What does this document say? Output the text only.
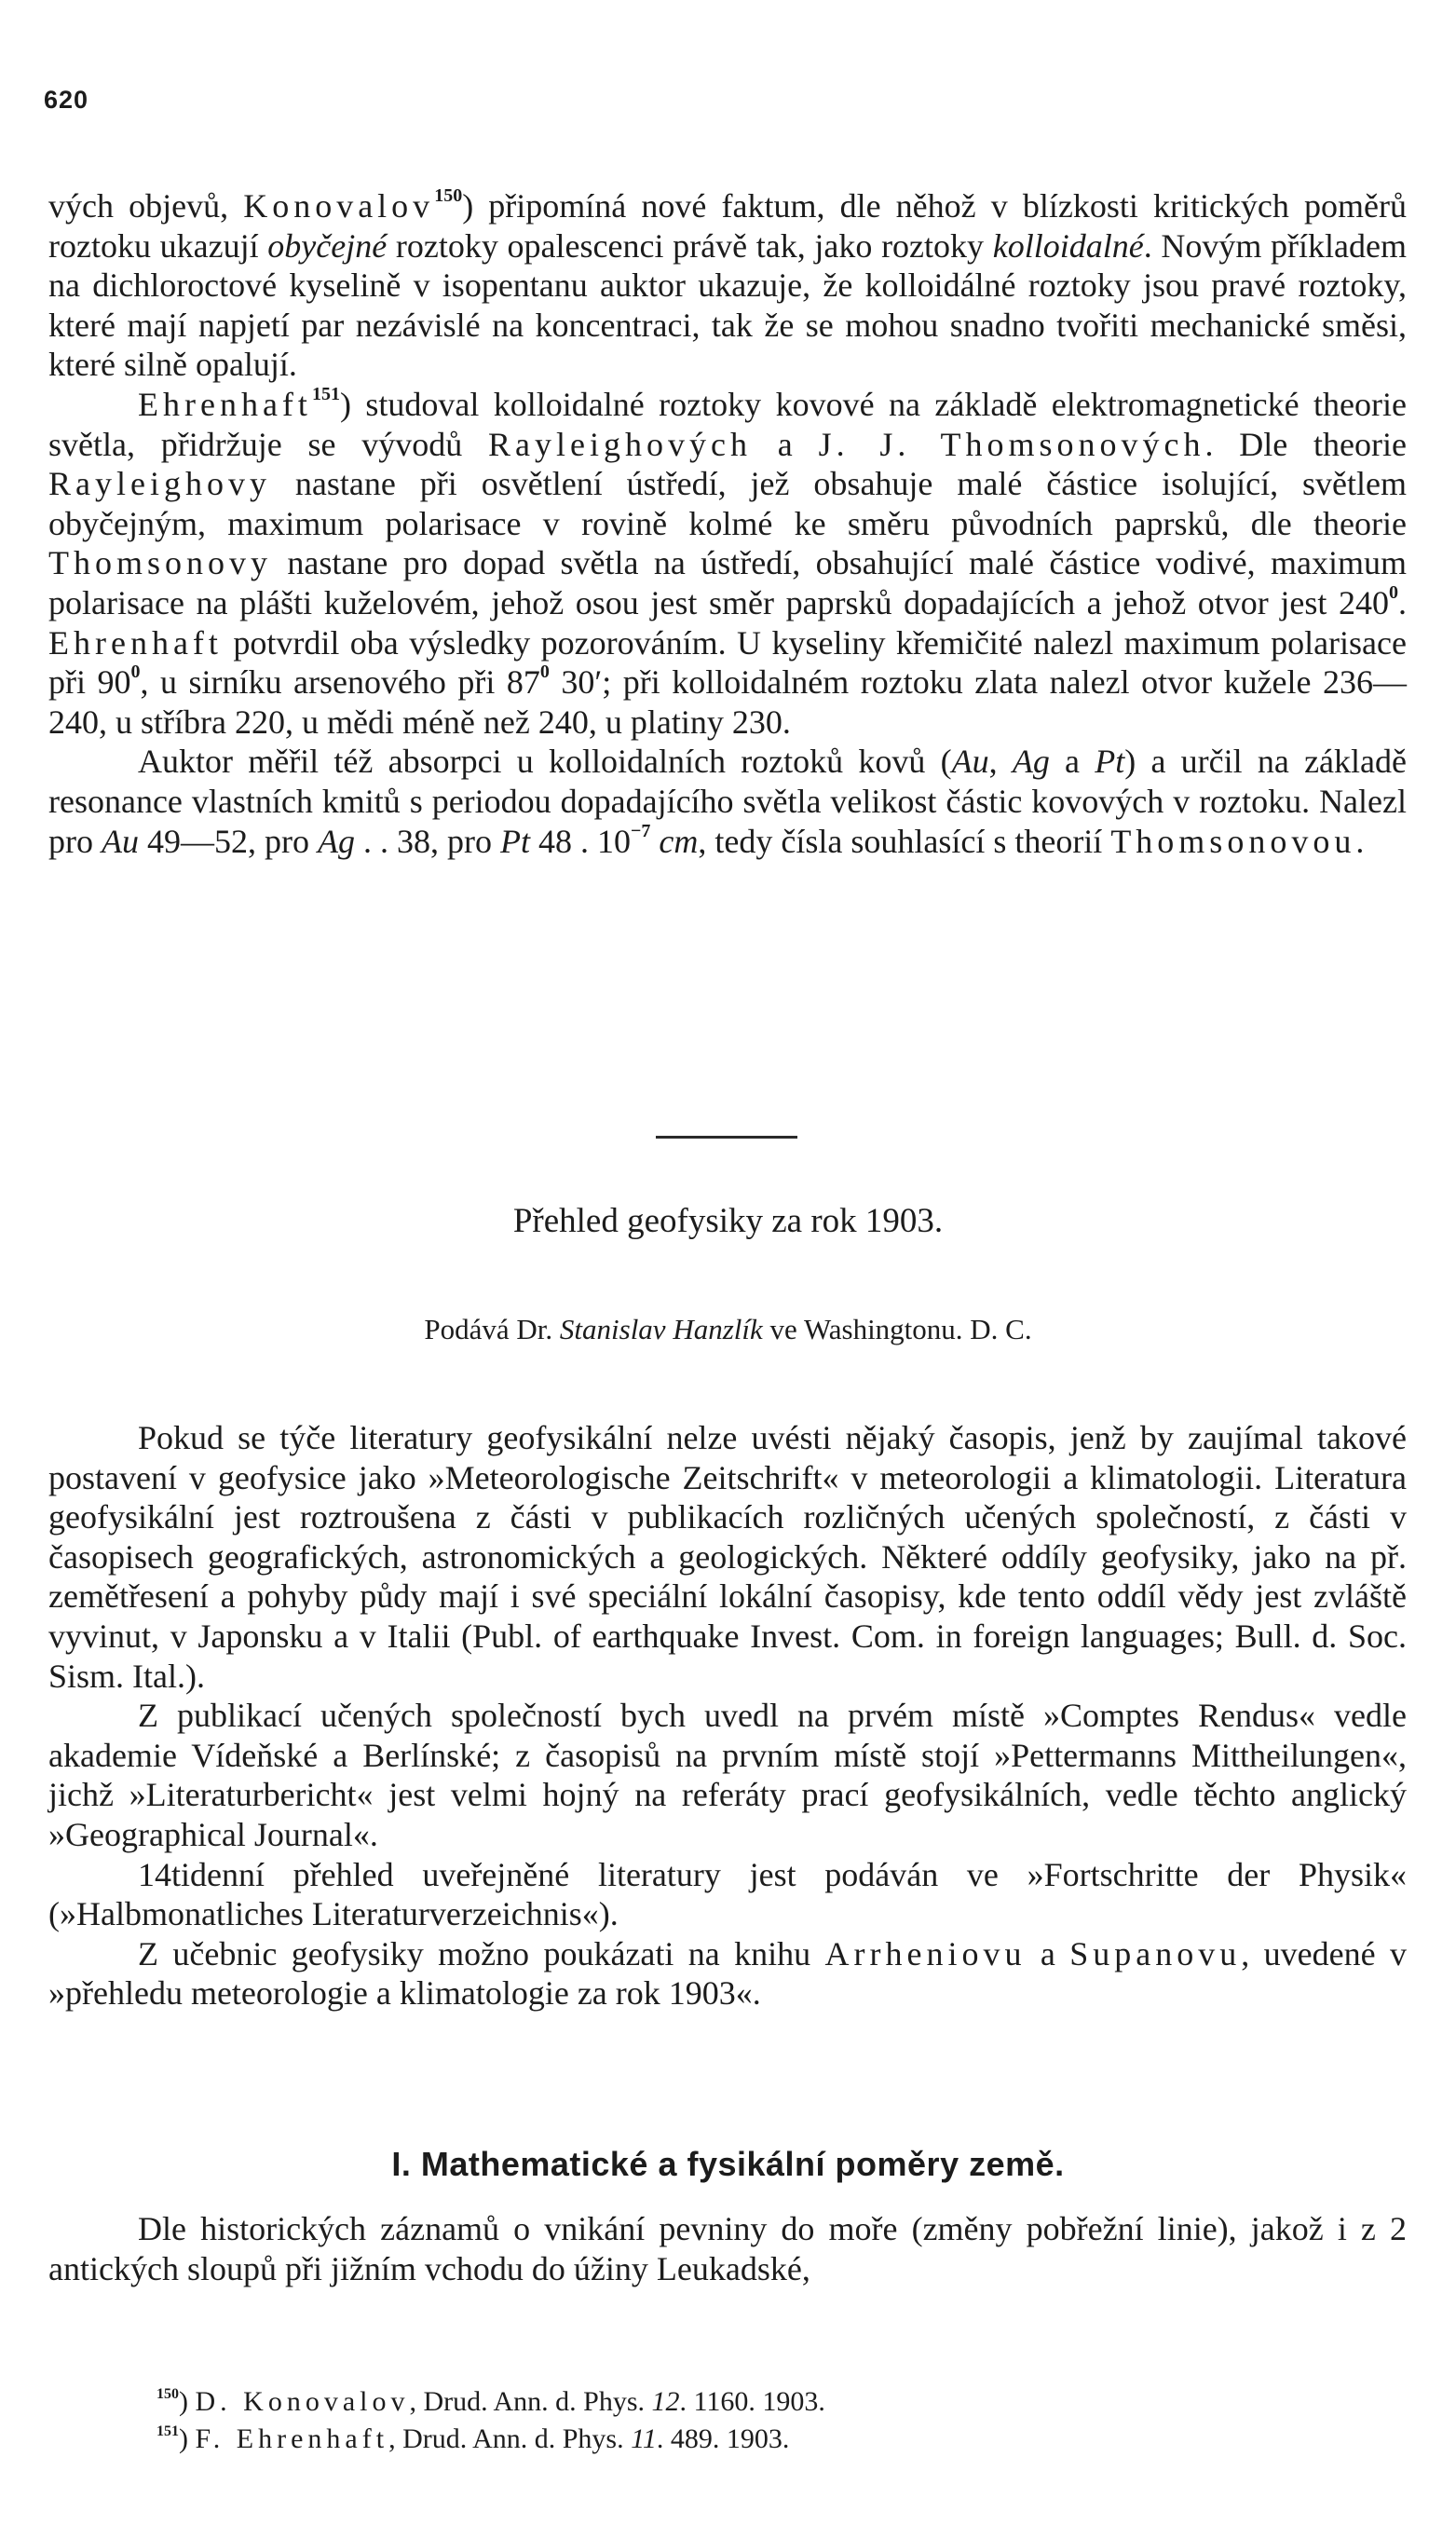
620

vých objevů, Konovalov$^{150}$) připomíná nové faktum, dle něhož v blízkosti kritických poměrů roztoku ukazují obyčejné roztoky opalescenci právě tak, jako roztoky kolloidalné. Novým příkladem na dichloroctové kyselině v isopentanu auktor ukazuje, že kolloidálné roztoky jsou pravé roztoky, které mají napjetí par nezávislé na koncentraci, tak že se mohou snadno tvořiti mechanické směsi, které silně opalují.

Ehrenhaft$^{151}$) studoval kolloidalné roztoky kovové na základě elektromagnetické theorie světla, přidržuje se vývodů Rayleighových a J. J. Thomsonových. Dle theorie Rayleighovy nastane při osvětlení ústředí, jež obsahuje malé částice isolující, světlem obyčejným, maximum polarisace v rovině kolmé ke směru původních paprsků, dle theorie Thomsonovy nastane pro dopad světla na ústředí, obsahující malé částice vodivé, maximum polarisace na plášti kuželovém, jehož osou jest směr paprsků dopadajících a jehož otvor jest $240^0$. Ehrenhaft potvrdil oba výsledky pozorováním. U kyseliny křemičité nalezl maximum polarisace při $90^0$, u sirníku arsenového při $87^0$ 30′; při kolloidalném roztoku zlata nalezl otvor kužele 236—240, u stříbra 220, u mědi méně než 240, u platiny 230.

Auktor měřil též absorpci u kolloidalních roztoků kovů (Au, Ag a Pt) a určil na základě resonance vlastních kmitů s periodou dopadajícího světla velikost částic kovových v roztoku. Nalezl pro Au 49—52, pro Ag . . 38, pro Pt 48 . $10^{-7}$ cm, tedy čísla souhlasící s theorií Thomsonovou.

Přehled geofysiky za rok 1903.
Podává Dr. Stanislav Hanzlík ve Washingtonu. D. C.

Pokud se týče literatury geofysikální nelze uvésti nějaký časopis, jenž by zaujímal takové postavení v geofysice jako »Meteorologische Zeitschrift« v meteorologii a klimatologii. Literatura geofysikální jest roztroušena z části v publikacích rozličných učených společností, z části v časopisech geografických, astronomických a geologických. Některé oddíly geofysiky, jako na př. zemětřesení a pohyby půdy mají i své speciální lokální časopisy, kde tento oddíl vědy jest zvláště vyvinut, v Japonsku a v Italii (Publ. of earthquake Invest. Com. in foreign languages; Bull. d. Soc. Sism. Ital.).

Z publikací učených společností bych uvedl na prvém místě »Comptes Rendus« vedle akademie Vídeňské a Berlínské; z časopisů na prvním místě stojí »Pettermanns Mittheilungen«, jichž »Literaturbericht« jest velmi hojný na referáty prací geofysikálních, vedle těchto anglický »Geographical Journal«.

14tidenní přehled uveřejněné literatury jest podáván ve »Fortschritte der Physik« (»Halbmonatliches Literaturverzeichnis«).

Z učebnic geofysiky možno poukázati na knihu Arrheniovu a Supanovu, uvedené v »přehledu meteorologie a klimatologie za rok 1903«.

I. Mathematické a fysikální poměry země.

Dle historických záznamů o vnikání pevniny do moře (změny pobřežní linie), jakož i z 2 antických sloupů při jižním vchodu do úžiny Leukadské,

$^{150}$) D. Konovalov, Drud. Ann. d. Phys. 12. 1160. 1903.
$^{151}$) F. Ehrenhaft, Drud. Ann. d. Phys. 11. 489. 1903.
